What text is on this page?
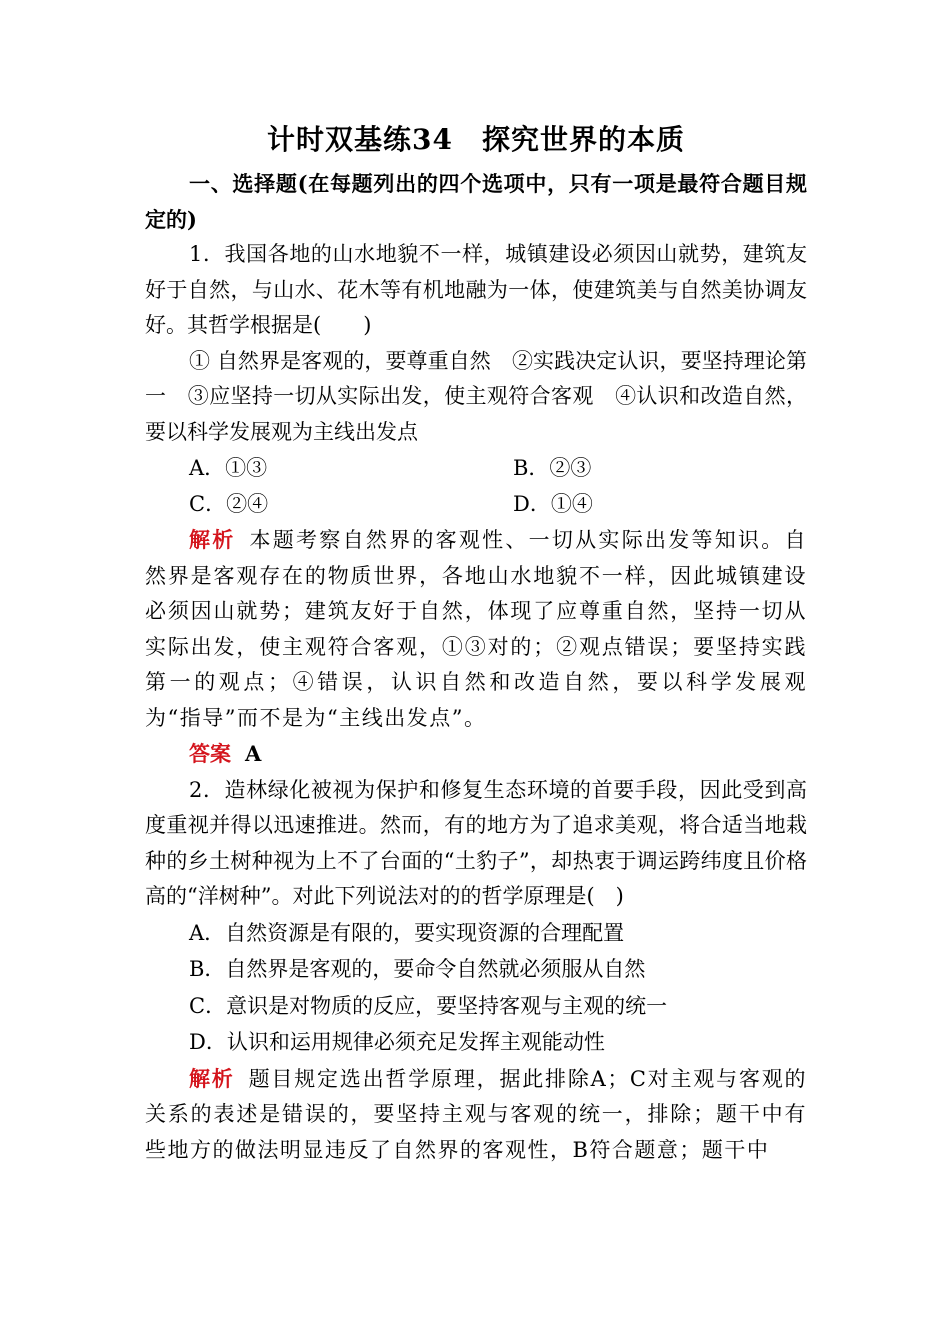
计时双基练34　探究世界的本质

一、选择题(在每题列出的四个选项中，只有一项是最符合题目规定的)

1．我国各地的山水地貌不一样，城镇建设必须因山就势，建筑友好于自然，与山水、花木等有机地融为一体，使建筑美与自然美协调友好。其哲学根据是(　　)

① 自然界是客观的，要尊重自然　②实践决定认识，要坚持理论第一　③应坚持一切从实际出发，使主观符合客观　④认识和改造自然，要以科学发展观为主线出发点

A．①③	B．②③
C．②④	D．①④

解析 本题考察自然界的客观性、一切从实际出发等知识。自然界是客观存在的物质世界，各地山水地貌不一样，因此城镇建设必须因山就势；建筑友好于自然，体现了应尊重自然，坚持一切从实际出发，使主观符合客观，①③对的；②观点错误；要坚持实践第一的观点；④错误，认识自然和改造自然，要以科学发展观为“指导”而不是为“主线出发点”。

答案 A

2．造林绿化被视为保护和修复生态环境的首要手段，因此受到高度重视并得以迅速推进。然而，有的地方为了追求美观，将合适当地栽种的乡土树种视为上不了台面的“土豹子”，却热衷于调运跨纬度且价格高的“洋树种”。对此下列说法对的的哲学原理是(　)

A．自然资源是有限的，要实现资源的合理配置
B．自然界是客观的，要命令自然就必须服从自然
C．意识是对物质的反应，要坚持客观与主观的统一
D．认识和运用规律必须充足发挥主观能动性

解析 题目规定选出哲学原理，据此排除A；C对主观与客观的关系的表述是错误的，要坚持主观与客观的统一，排除；题干中有些地方的做法明显违反了自然界的客观性，B符合题意；题干中
